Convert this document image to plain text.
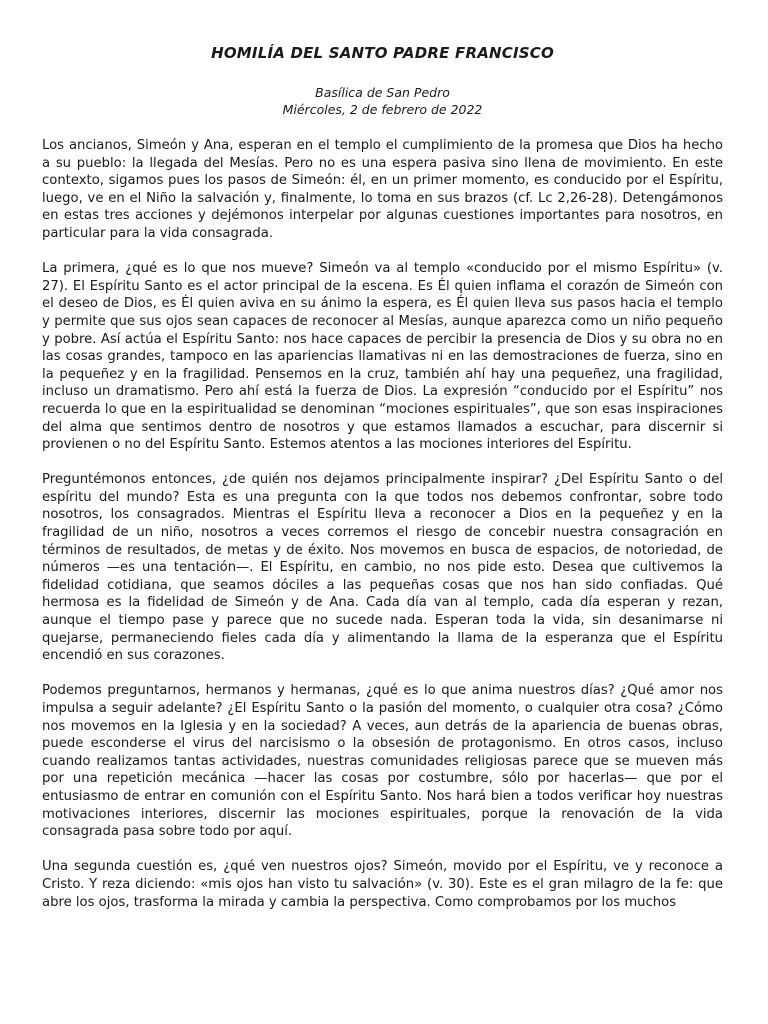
HOMILÍA DEL SANTO PADRE FRANCISCO
Basílica de San Pedro
Miércoles, 2 de febrero de 2022

Los ancianos, Simeón y Ana, esperan en el templo el cumplimiento de la promesa que Dios ha hecho a su pueblo: la llegada del Mesías. Pero no es una espera pasiva sino llena de movimiento. En este contexto, sigamos pues los pasos de Simeón: él, en un primer momento, es conducido por el Espíritu, luego, ve en el Niño la salvación y, finalmente, lo toma en sus brazos (cf. Lc 2,26-28). Detengámonos en estas tres acciones y dejémonos interpelar por algunas cuestiones importantes para nosotros, en particular para la vida consagrada.

La primera, ¿qué es lo que nos mueve? Simeón va al templo «conducido por el mismo Espíritu» (v. 27). El Espíritu Santo es el actor principal de la escena. Es Él quien inflama el corazón de Simeón con el deseo de Dios, es Él quien aviva en su ánimo la espera, es Él quien lleva sus pasos hacia el templo y permite que sus ojos sean capaces de reconocer al Mesías, aunque aparezca como un niño pequeño y pobre. Así actúa el Espíritu Santo: nos hace capaces de percibir la presencia de Dios y su obra no en las cosas grandes, tampoco en las apariencias llamativas ni en las demostraciones de fuerza, sino en la pequeñez y en la fragilidad. Pensemos en la cruz, también ahí hay una pequeñez, una fragilidad, incluso un dramatismo. Pero ahí está la fuerza de Dios. La expresión “conducido por el Espíritu” nos recuerda lo que en la espiritualidad se denominan “mociones espirituales”, que son esas inspiraciones del alma que sentimos dentro de nosotros y que estamos llamados a escuchar, para discernir si provienen o no del Espíritu Santo. Estemos atentos a las mociones interiores del Espíritu.

Preguntémonos entonces, ¿de quién nos dejamos principalmente inspirar? ¿Del Espíritu Santo o del espíritu del mundo? Esta es una pregunta con la que todos nos debemos confrontar, sobre todo nosotros, los consagrados. Mientras el Espíritu lleva a reconocer a Dios en la pequeñez y en la fragilidad de un niño, nosotros a veces corremos el riesgo de concebir nuestra consagración en términos de resultados, de metas y de éxito. Nos movemos en busca de espacios, de notoriedad, de números —es una tentación—. El Espíritu, en cambio, no nos pide esto. Desea que cultivemos la fidelidad cotidiana, que seamos dóciles a las pequeñas cosas que nos han sido confiadas. Qué hermosa es la fidelidad de Simeón y de Ana. Cada día van al templo, cada día esperan y rezan, aunque el tiempo pase y parece que no sucede nada. Esperan toda la vida, sin desanimarse ni quejarse, permaneciendo fieles cada día y alimentando la llama de la esperanza que el Espíritu encendió en sus corazones.

Podemos preguntarnos, hermanos y hermanas, ¿qué es lo que anima nuestros días? ¿Qué amor nos impulsa a seguir adelante? ¿El Espíritu Santo o la pasión del momento, o cualquier otra cosa? ¿Cómo nos movemos en la Iglesia y en la sociedad? A veces, aun detrás de la apariencia de buenas obras, puede esconderse el virus del narcisismo o la obsesión de protagonismo. En otros casos, incluso cuando realizamos tantas actividades, nuestras comunidades religiosas parece que se mueven más por una repetición mecánica —hacer las cosas por costumbre, sólo por hacerlas— que por el entusiasmo de entrar en comunión con el Espíritu Santo. Nos hará bien a todos verificar hoy nuestras motivaciones interiores, discernir las mociones espirituales, porque la renovación de la vida consagrada pasa sobre todo por aquí.

Una segunda cuestión es, ¿qué ven nuestros ojos? Simeón, movido por el Espíritu, ve y reconoce a Cristo. Y reza diciendo: «mis ojos han visto tu salvación» (v. 30). Este es el gran milagro de la fe: que abre los ojos, trasforma la mirada y cambia la perspectiva. Como comprobamos por los muchos
